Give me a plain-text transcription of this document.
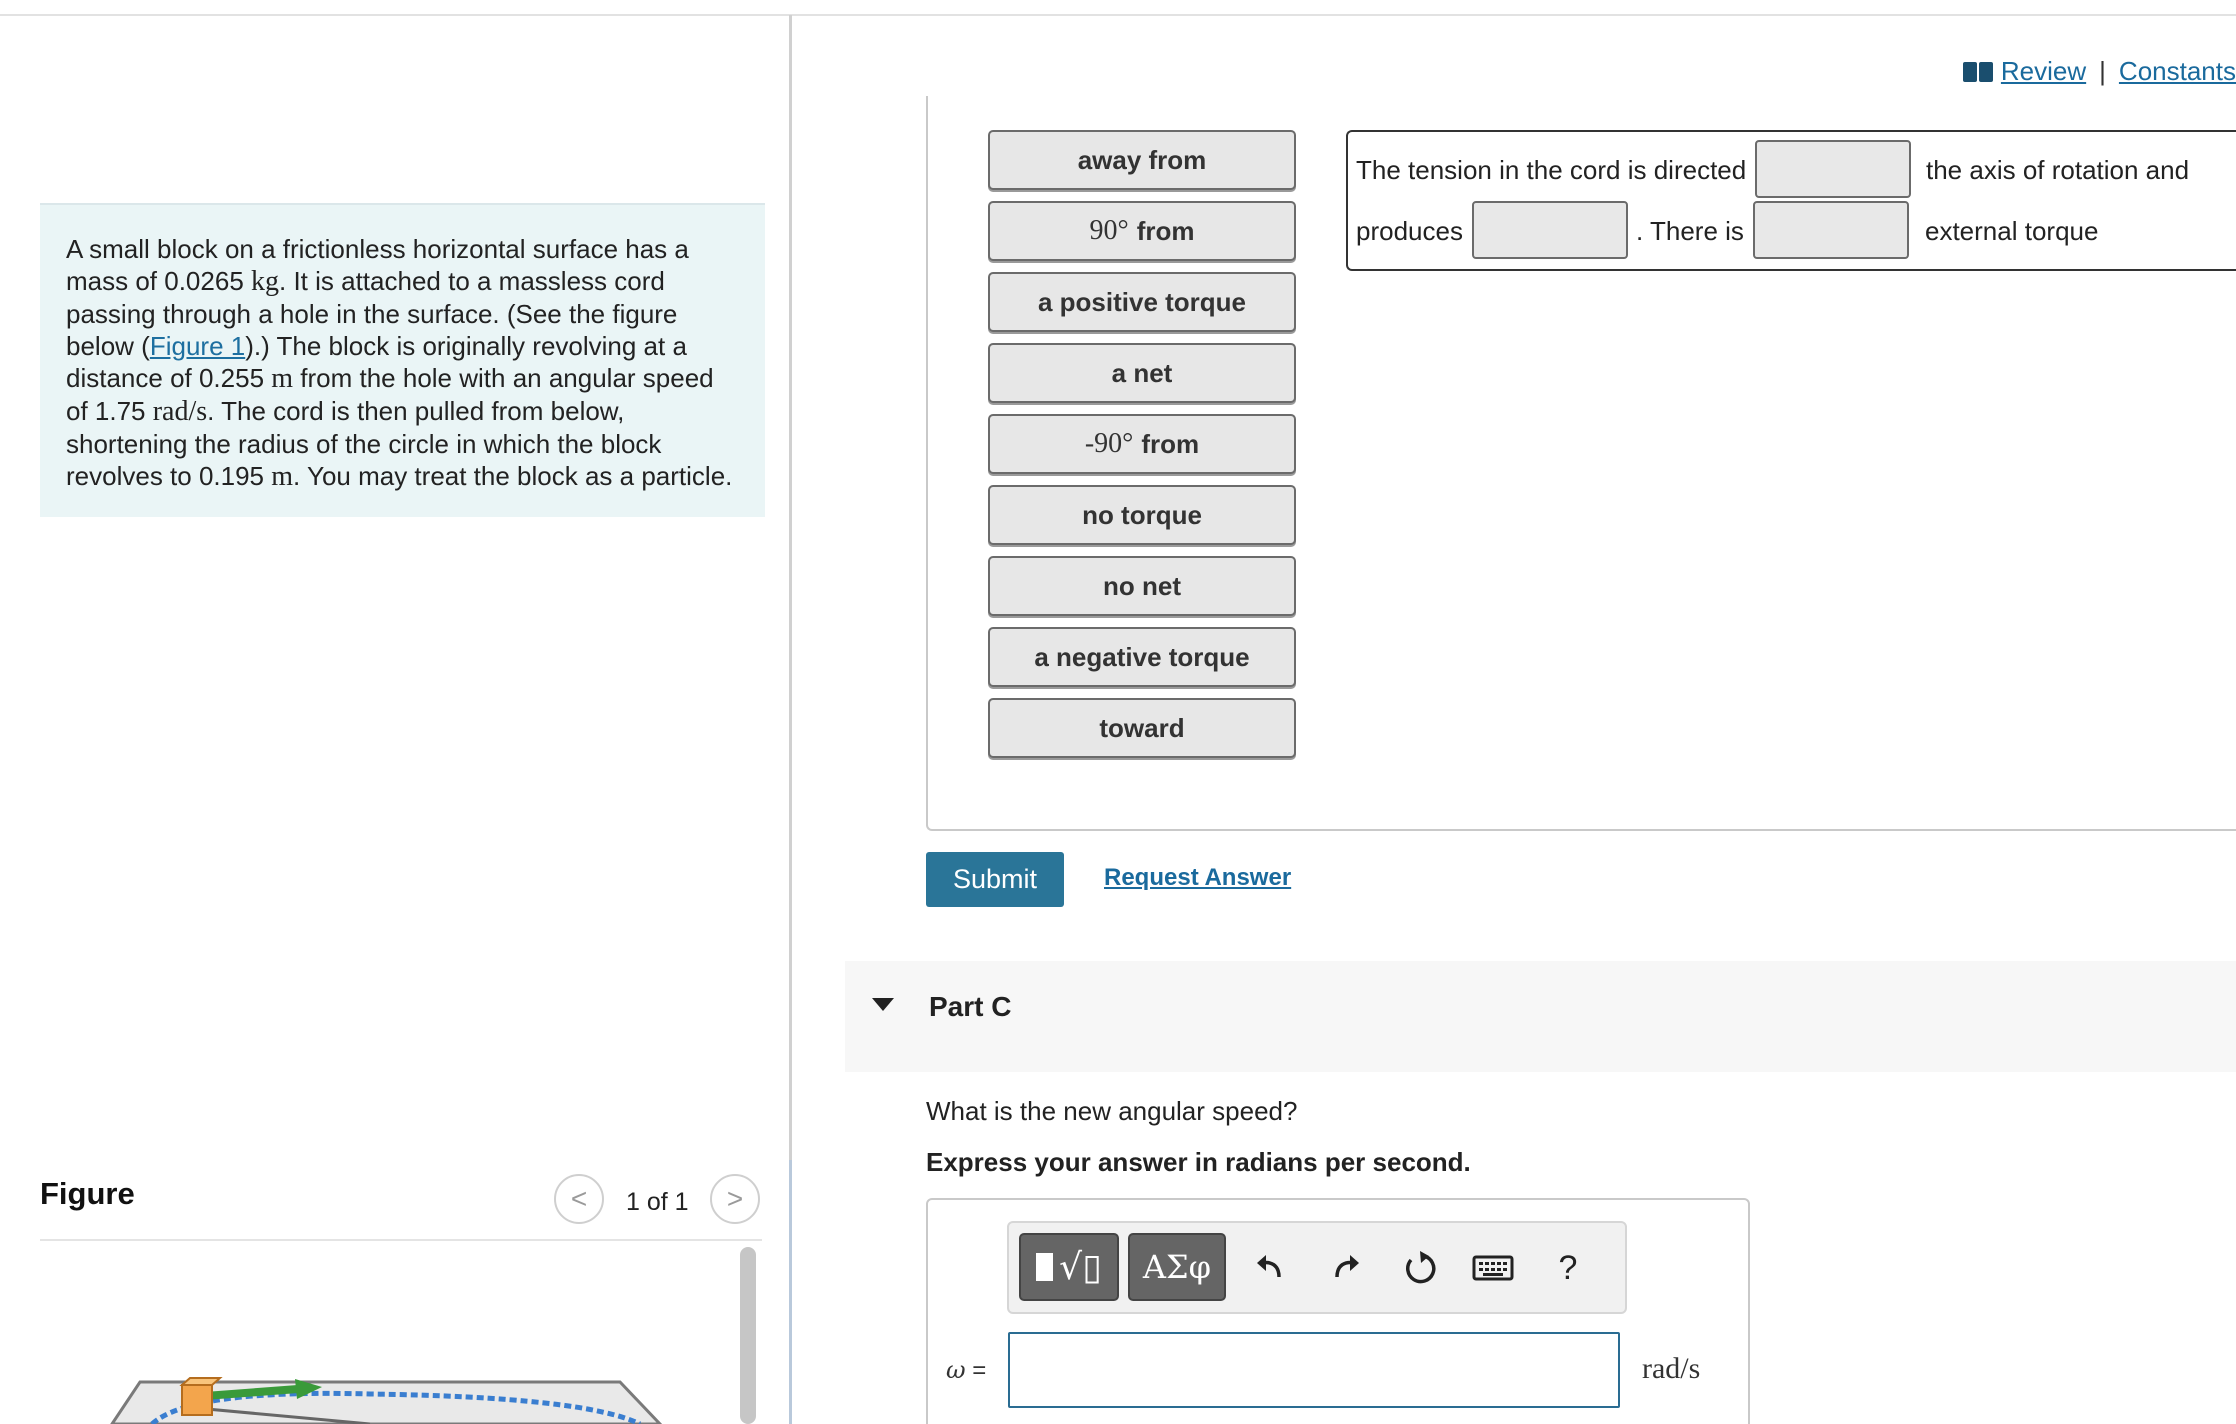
A small block on a frictionless horizontal surface has a mass of 0.0265 kg. It is attached to a massless cord passing through a hole in the surface. (See the figure below (Figure 1).) The block is originally revolving at a distance of 0.255 m from the hole with an angular speed of 1.75 rad/s. The cord is then pulled from below, shortening the radius of the circle in which the block revolves to 0.195 m. You may treat the block as a particle.
Figure	< 1 of 1 >
Review | Constants
away from
90° from
a positive torque
a net
-90° from
no torque
no net
a negative torque
toward
The tension in the cord is directed	the axis of rotation and
produces	. There is	external torque
Submit	Request Answer
Part C
What is the new angular speed?
Express your answer in radians per second.
√▯	ΑΣφ	?
ω =	rad/s
